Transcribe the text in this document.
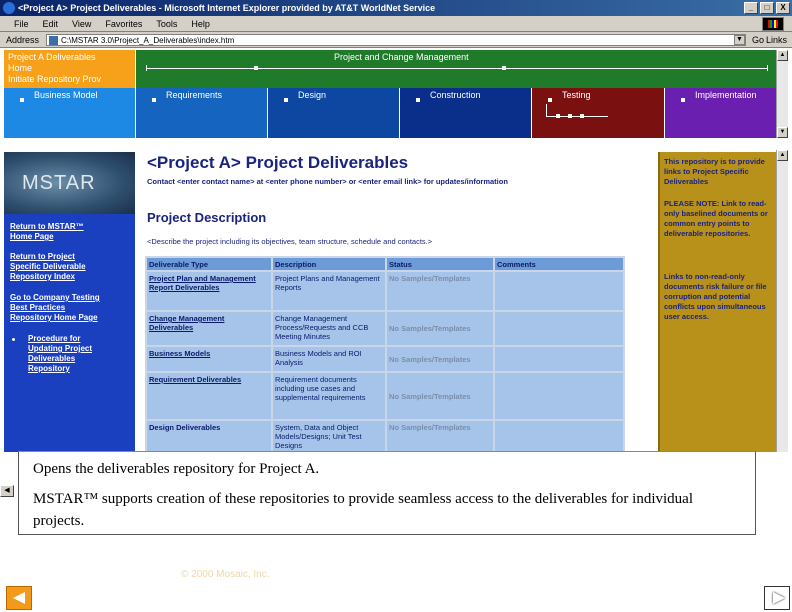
<Project A> Project Deliverables - Microsoft Internet Explorer provided by AT&T WorldNet Service	_	□	X
File Edit View Favorites Tools Help
Address	C:\MSTAR 3.0\Project_A_Deliverables\index.htm	▼ Go Links
Project A Deliverables
Home
Initiate Repository Prov
Project and Change Management
Business Model	Requirements	Design	Construction	Testing	Implementation
▲
▼
▲
MSTAR
Return to MSTAR™
Home Page
Return to Project
Specific Deliverable
Repository Index
Go to Company Testing
Best Practices
Repository Home Page
Procedure for
Updating Project
Deliverables
Repository
<Project A> Project Deliverables
Contact <enter contact name> at <enter phone number> or <enter email link> for updates/information
Project Description
<Describe the project including its objectives, team structure, schedule and contacts.>
Deliverable Type	Description	Status	Comments
Project Plan and Management Report Deliverables	Project Plans and Management Reports	No Samples/Templates	
Change Management Deliverables	Change Management Process/Requests and CCB Meeting Minutes	No Samples/Templates	
Business Models	Business Models and ROI Analysis	No Samples/Templates	
Requirement Deliverables	Requirement documents including use cases and supplemental requirements	No Samples/Templates	
Design Deliverables	System, Data and Object Models/Designs; Unit Test Designs	No Samples/Templates	
This repository is to provide links to Project Specific Deliverables
PLEASE NOTE: Link to read-only baselined documents or common entry points to deliverable repositories.
Links to non-read-only documents risk failure or file corruption and potential conflicts upon simultaneous user access.
◀
Opens the deliverables repository for Project A.
MSTAR™ supports creation of these repositories to provide seamless access to the deliverables for individual projects.
© 2000 Mosaic, Inc.
